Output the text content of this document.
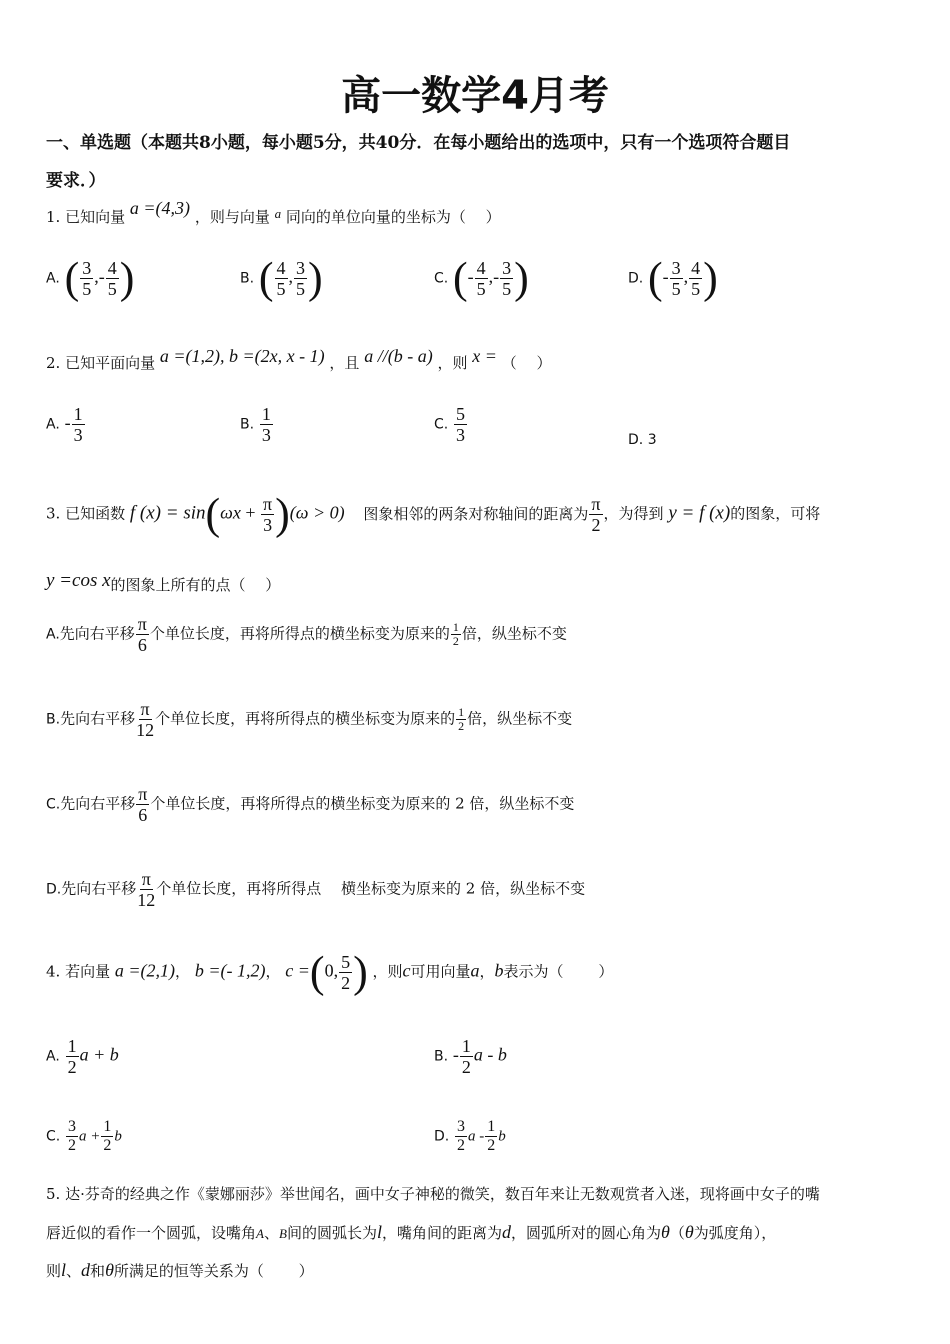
高一数学4月考
一、单选题（本题共8小题，每小题5分，共40分．在每小题给出的选项中，只有一个选项符合题目
要求．）
1. 已知向量 a =(4,3) ，则与向量 a 同向的单位向量的坐标为（　 ）
A. ( $\frac{3}{5}$ ,- $\frac{4}{5}$ )	B. ( $\frac{4}{5}$ , $\frac{3}{5}$ )	C. (- $\frac{4}{5}$ ,- $\frac{3}{5}$ )	D. (- $\frac{3}{5}$ , $\frac{4}{5}$ )
2. 已知平面向量 a =(1,2), b =(2x, x - 1) ，且 a //(b - a) ，则 x = （　 ）
A. - $\frac{1}{3}$	B. $\frac{1}{3}$	C. $\frac{5}{3}$	D. 3
3. 已知函数 f $(x) = \sin(\omega x + \frac{\pi}{3} )(\omega > 0)$ 图象相邻的两条对称轴间的距离为 $\frac{\pi}{2}$ ，为得到 y = f (x)的图象，可将
y =cos x的图象上所有的点（　 ）
A.先向右平移 $\frac{\pi}{6}$ 个单位长度，再将所得点的横坐标变为原来的 $\frac{1}{2}$ 倍，纵坐标不变
B.先向右平移 $\frac{\pi}{12}$ 个单位长度，再将所得点的横坐标变为原来的 $\frac{1}{2}$ 倍，纵坐标不变
C.先向右平移 $\frac{\pi}{6}$ 个单位长度，再将所得点的横坐标变为原来的 2 倍，纵坐标不变
D.先向右平移 $\frac{\pi}{12}$ 个单位长度，再将所得点　 横坐标变为原来的 2 倍，纵坐标不变
4. 若向量 a =(2,1)， b =(- 1,2)， c =(0, $\frac{5}{2}$ ) ，则c可用向量a，b表示为（　　 ）
A. $\frac{1}{2}$ a + b	B. - $\frac{1}{2}$ a - b
C. $\frac{3}{2}$ $a + \frac{1}{2}$ b	D. $\frac{3}{2}$ a - $\frac{1}{2}$ b
5. 达·芬奇的经典之作《蒙娜丽莎》举世闻名，画中女子神秘的微笑，数百年来让无数观赏者入迷，现将画中女子的嘴
唇近似的看作一个圆弧，设嘴角A、B间的圆弧长为l，嘴角间的距离为d，圆弧所对的圆心角为θ（θ为弧度角），
则l、d和θ所满足的恒等关系为（　　 ）
